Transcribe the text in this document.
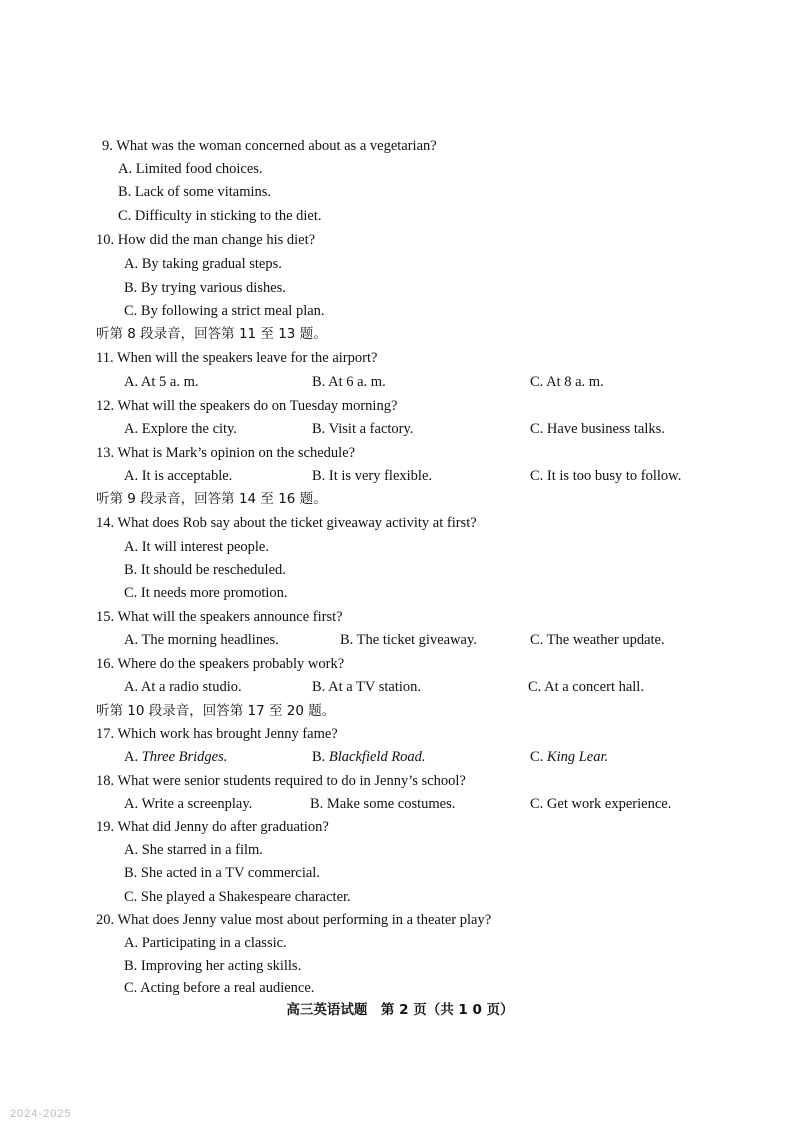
9. What was the woman concerned about as a vegetarian?
A. Limited food choices.
B. Lack of some vitamins.
C. Difficulty in sticking to the diet.
10. How did the man change his diet?
A. By taking gradual steps.
B. By trying various dishes.
C. By following a strict meal plan.
听第 8 段录音，回答第 11 至 13 题。
11. When will the speakers leave for the airport?
A. At 5 a. m.	B. At 6 a. m.	C. At 8 a. m.
12. What will the speakers do on Tuesday morning?
A. Explore the city.	B. Visit a factory.	C. Have business talks.
13. What is Mark’s opinion on the schedule?
A. It is acceptable.	B. It is very flexible.	C. It is too busy to follow.
听第 9 段录音，回答第 14 至 16 题。
14. What does Rob say about the ticket giveaway activity at first?
A. It will interest people.
B. It should be rescheduled.
C. It needs more promotion.
15. What will the speakers announce first?
A. The morning headlines.	B. The ticket giveaway.	C. The weather update.
16. Where do the speakers probably work?
A. At a radio studio.	B. At a TV station.	C. At a concert hall.
听第 10 段录音，回答第 17 至 20 题。
17. Which work has brought Jenny fame?
A. Three Bridges.	B. Blackfield Road.	C. King Lear.
18. What were senior students required to do in Jenny’s school?
A. Write a screenplay.	B. Make some costumes.	C. Get work experience.
19. What did Jenny do after graduation?
A. She starred in a film.
B. She acted in a TV commercial.
C. She played a Shakespeare character.
20. What does Jenny value most about performing in a theater play?
A. Participating in a classic.
B. Improving her acting skills.
C. Acting before a real audience.
高三英语试题　第 2 页（共 1 0 页）
2024-2025
